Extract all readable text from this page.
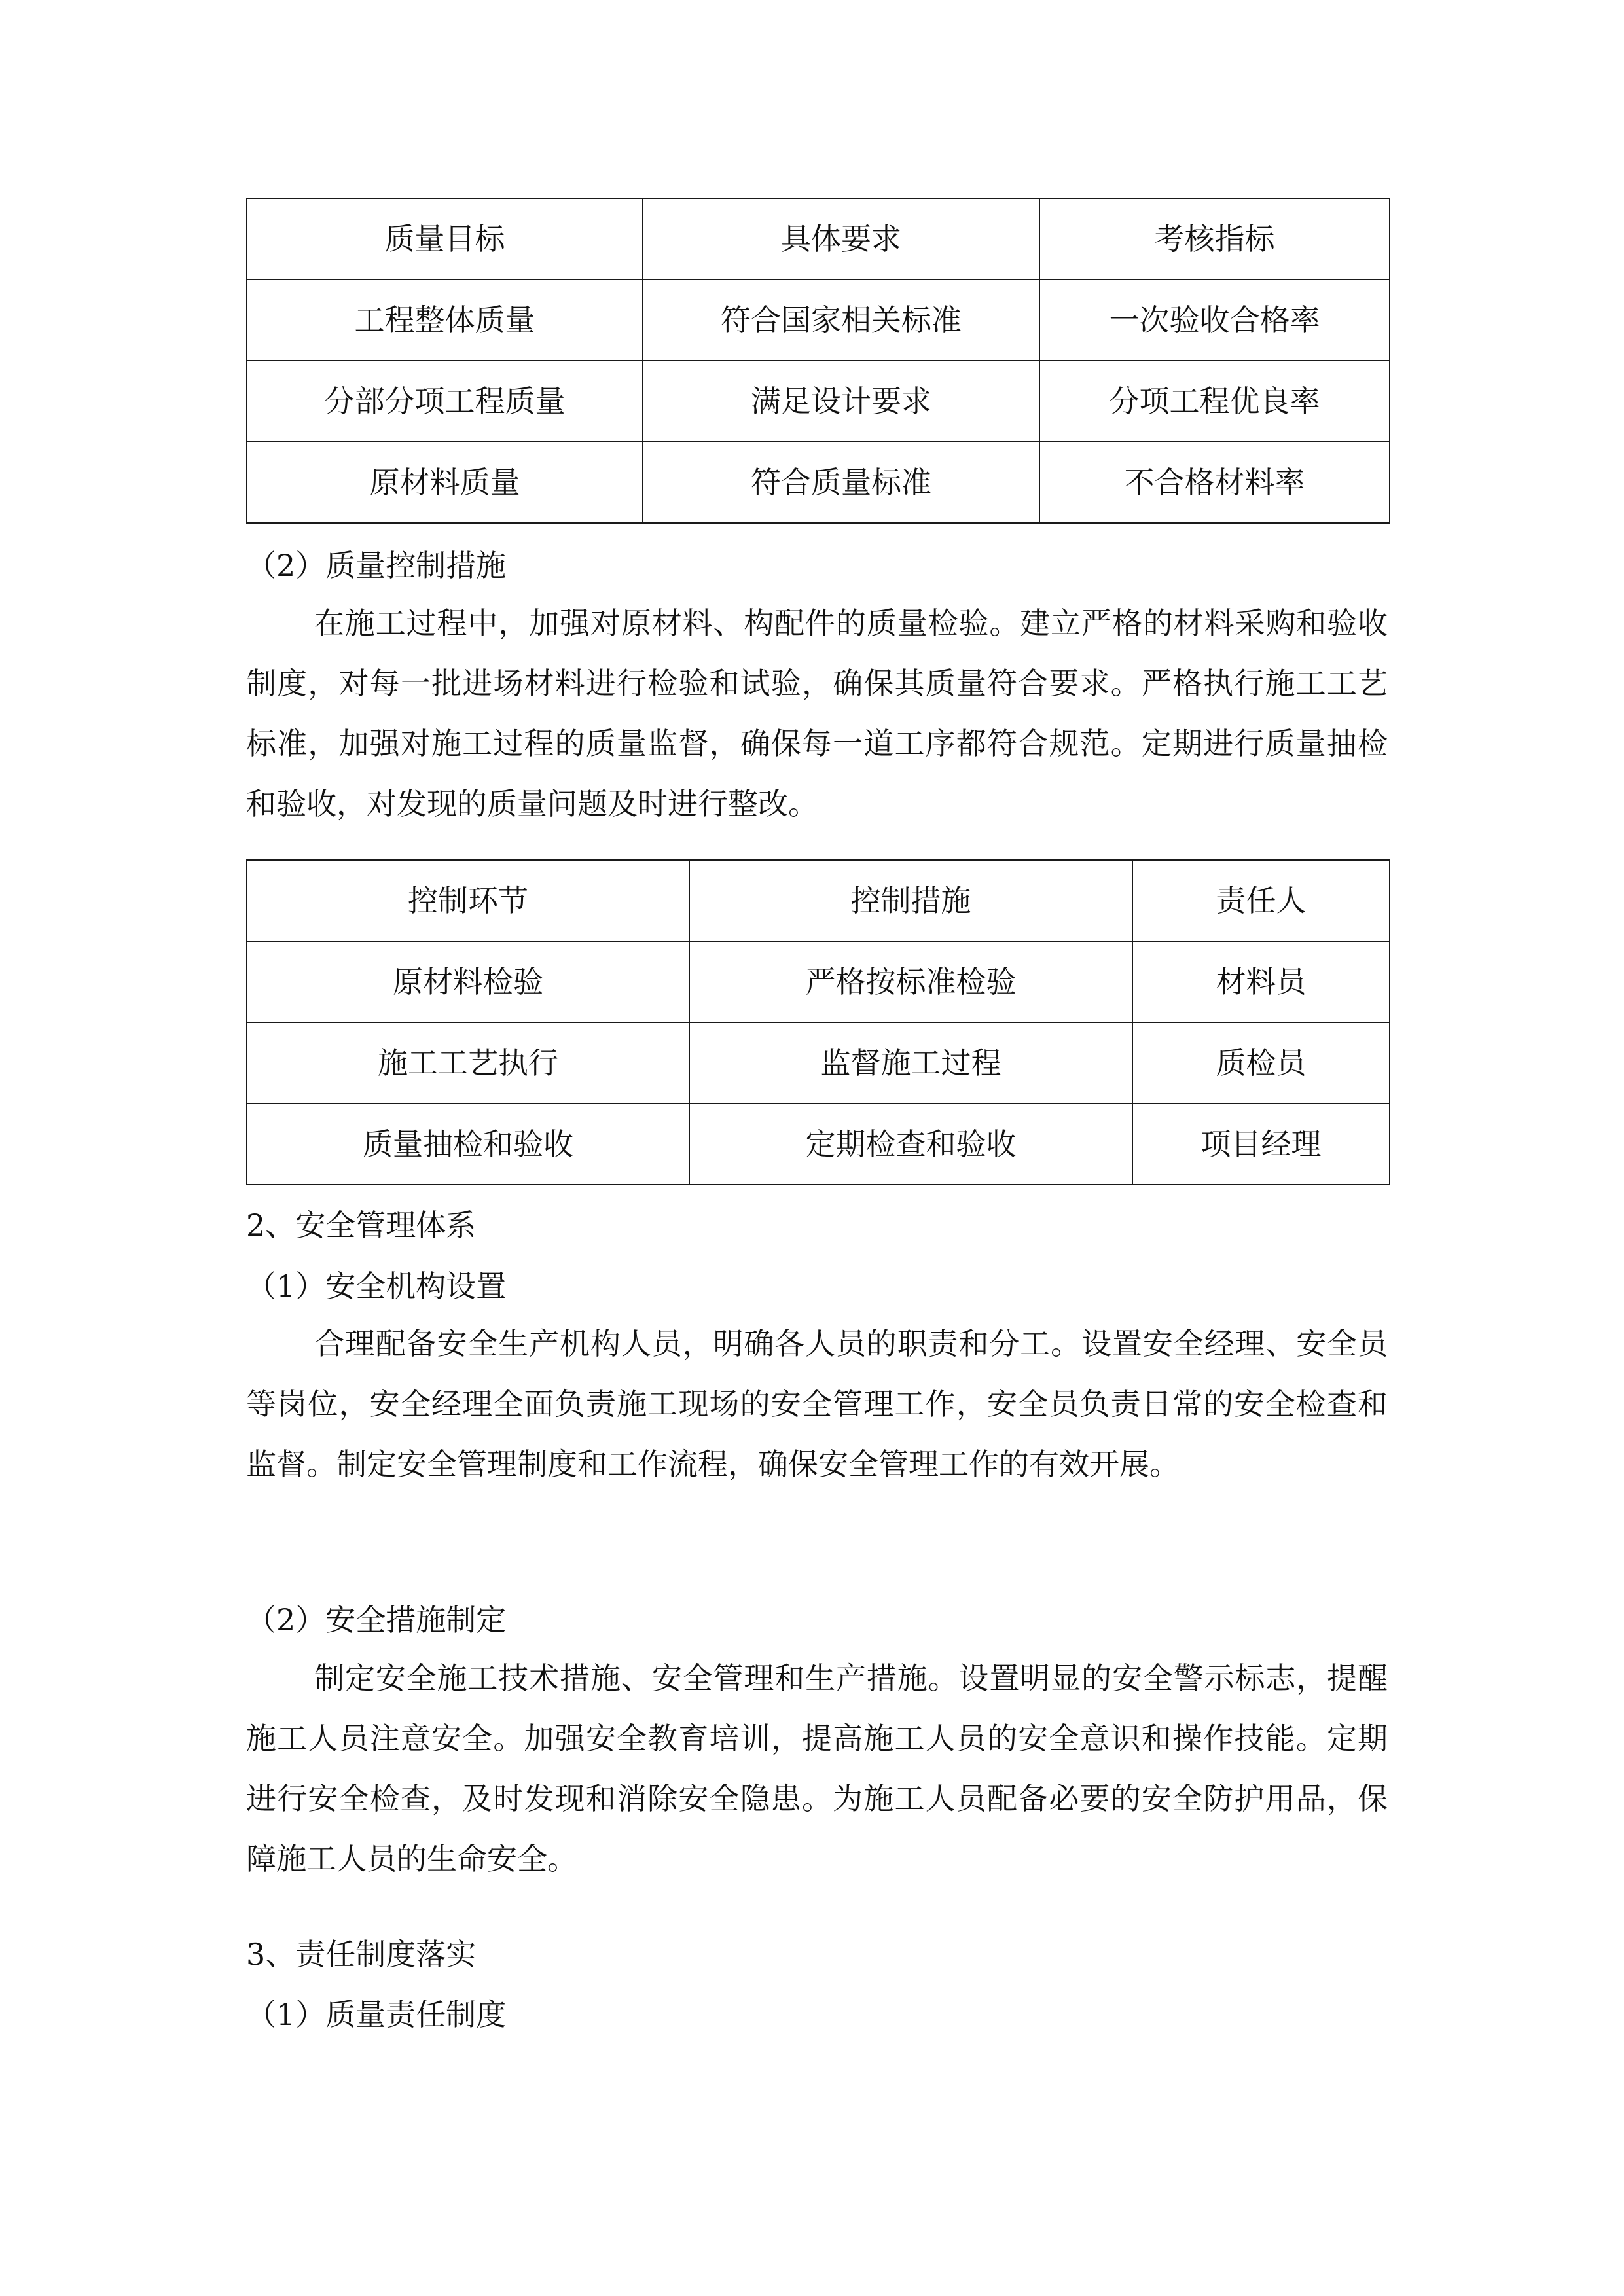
质量目标	具体要求	考核指标
工程整体质量	符合国家相关标准	一次验收合格率
分部分项工程质量	满足设计要求	分项工程优良率
原材料质量	符合质量标准	不合格材料率

（2）质量控制措施

在施工过程中，加强对原材料、构配件的质量检验。建立严格的材料采购和验收制度，对每一批进场材料进行检验和试验，确保其质量符合要求。严格执行施工工艺标准，加强对施工过程的质量监督，确保每一道工序都符合规范。定期进行质量抽检和验收，对发现的质量问题及时进行整改。

控制环节	控制措施	责任人
原材料检验	严格按标准检验	材料员
施工工艺执行	监督施工过程	质检员
质量抽检和验收	定期检查和验收	项目经理

2、安全管理体系

（1）安全机构设置

合理配备安全生产机构人员，明确各人员的职责和分工。设置安全经理、安全员等岗位，安全经理全面负责施工现场的安全管理工作，安全员负责日常的安全检查和监督。制定安全管理制度和工作流程，确保安全管理工作的有效开展。

（2）安全措施制定

制定安全施工技术措施、安全管理和生产措施。设置明显的安全警示标志，提醒施工人员注意安全。加强安全教育培训，提高施工人员的安全意识和操作技能。定期进行安全检查，及时发现和消除安全隐患。为施工人员配备必要的安全防护用品，保障施工人员的生命安全。

3、责任制度落实

（1）质量责任制度
